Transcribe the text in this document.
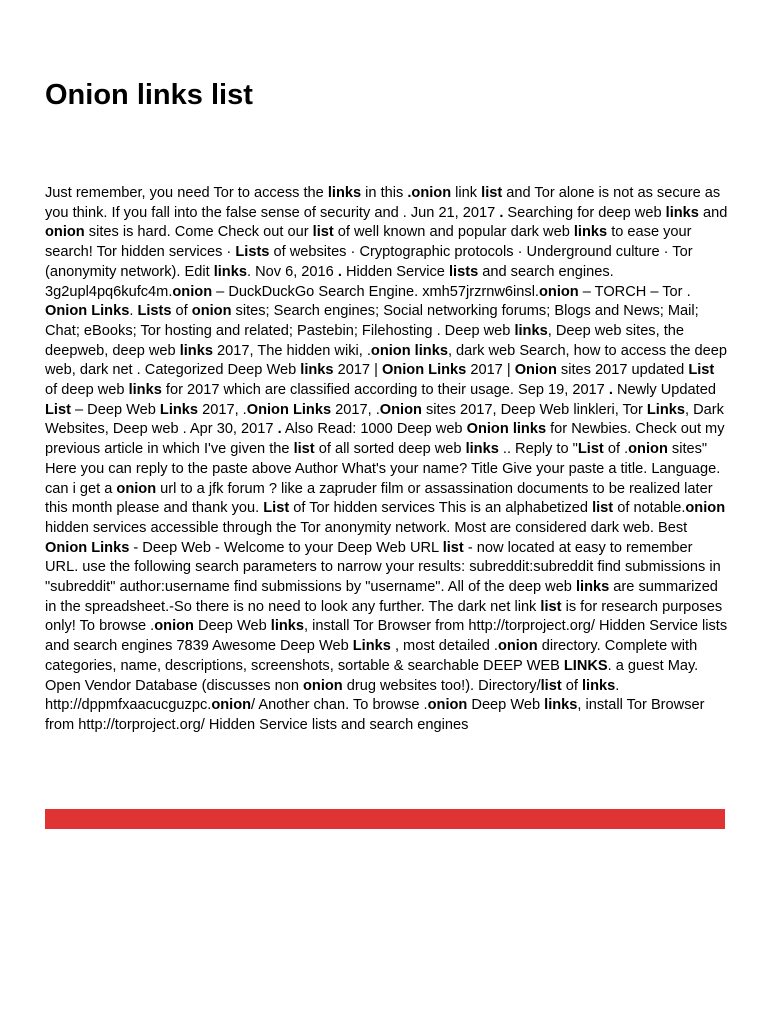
Onion links list

Just remember, you need Tor to access the links in this .onion link list and Tor alone is not as secure as you think. If you fall into the false sense of security and . Jun 21, 2017 . Searching for deep web links and onion sites is hard. Come Check out our list of well known and popular dark web links to ease your search! Tor hidden services · Lists of websites · Cryptographic protocols · Underground culture · Tor (anonymity network). Edit links. Nov 6, 2016 . Hidden Service lists and search engines. 3g2upl4pq6kufc4m.onion – DuckDuckGo Search Engine. xmh57jrzrnw6insl.onion – TORCH – Tor . Onion Links. Lists of onion sites; Search engines; Social networking forums; Blogs and News; Mail; Chat; eBooks; Tor hosting and related; Pastebin; Filehosting . Deep web links, Deep web sites, the deepweb, deep web links 2017, The hidden wiki, .onion links, dark web Search, how to access the deep web, dark net . Categorized Deep Web links 2017 | Onion Links 2017 | Onion sites 2017 updated List of deep web links for 2017 which are classified according to their usage. Sep 19, 2017 . Newly Updated List – Deep Web Links 2017, .Onion Links 2017, .Onion sites 2017, Deep Web linkleri, Tor Links, Dark Websites, Deep web . Apr 30, 2017 . Also Read: 1000 Deep web Onion links for Newbies. Check out my previous article in which I've given the list of all sorted deep web links .. Reply to "List of .onion sites" Here you can reply to the paste above Author What's your name? Title Give your paste a title. Language. can i get a onion url to a jfk forum ? like a zapruder film or assassination documents to be realized later this month please and thank you. List of Tor hidden services This is an alphabetized list of notable.onion hidden services accessible through the Tor anonymity network. Most are considered dark web. Best Onion Links - Deep Web - Welcome to your Deep Web URL list - now located at easy to remember URL. use the following search parameters to narrow your results: subreddit:subreddit find submissions in "subreddit" author:username find submissions by "username". All of the deep web links are summarized in the spreadsheet.-So there is no need to look any further. The dark net link list is for research purposes only! To browse .onion Deep Web links, install Tor Browser from http://torproject.org/ Hidden Service lists and search engines 7839 Awesome Deep Web Links , most detailed .onion directory. Complete with categories, name, descriptions, screenshots, sortable & searchable DEEP WEB LINKS. a guest May. Open Vendor Database (discusses non onion drug websites too!). Directory/list of links. http://dppmfxaacucguzpc.onion/ Another chan. To browse .onion Deep Web links, install Tor Browser from http://torproject.org/ Hidden Service lists and search engines
